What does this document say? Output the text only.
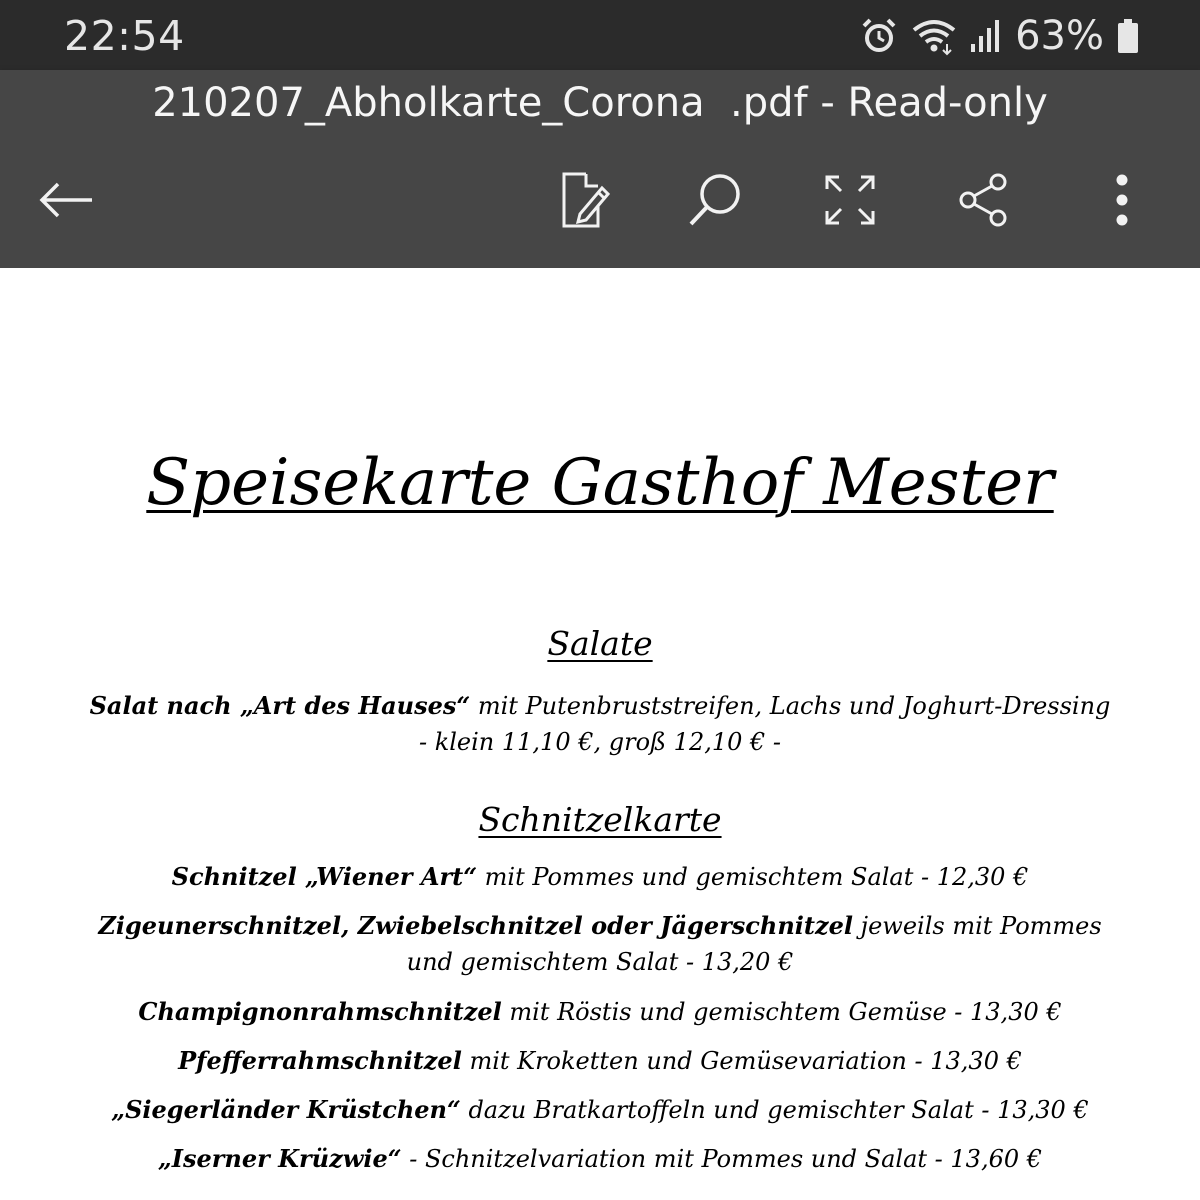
22:54	63%
210207_Abholkarte_Corona  .pdf - Read-only
Speisekarte Gasthof Mester
Salate
Salat nach „Art des Hauses“ mit Putenbruststreifen, Lachs und Joghurt-Dressing
- klein 11,10 €, groß 12,10 € -
Schnitzelkarte
Schnitzel „Wiener Art“ mit Pommes und gemischtem Salat - 12,30 €
Zigeunerschnitzel, Zwiebelschnitzel oder Jägerschnitzel jeweils mit Pommes
und gemischtem Salat - 13,20 €
Champignonrahmschnitzel mit Röstis und gemischtem Gemüse - 13,30 €
Pfefferrahmschnitzel mit Kroketten und Gemüsevariation - 13,30 €
„Siegerländer Krüstchen“ dazu Bratkartoffeln und gemischter Salat - 13,30 €
„Iserner Krüzwie“ - Schnitzelvariation mit Pommes und Salat - 13,60 €
